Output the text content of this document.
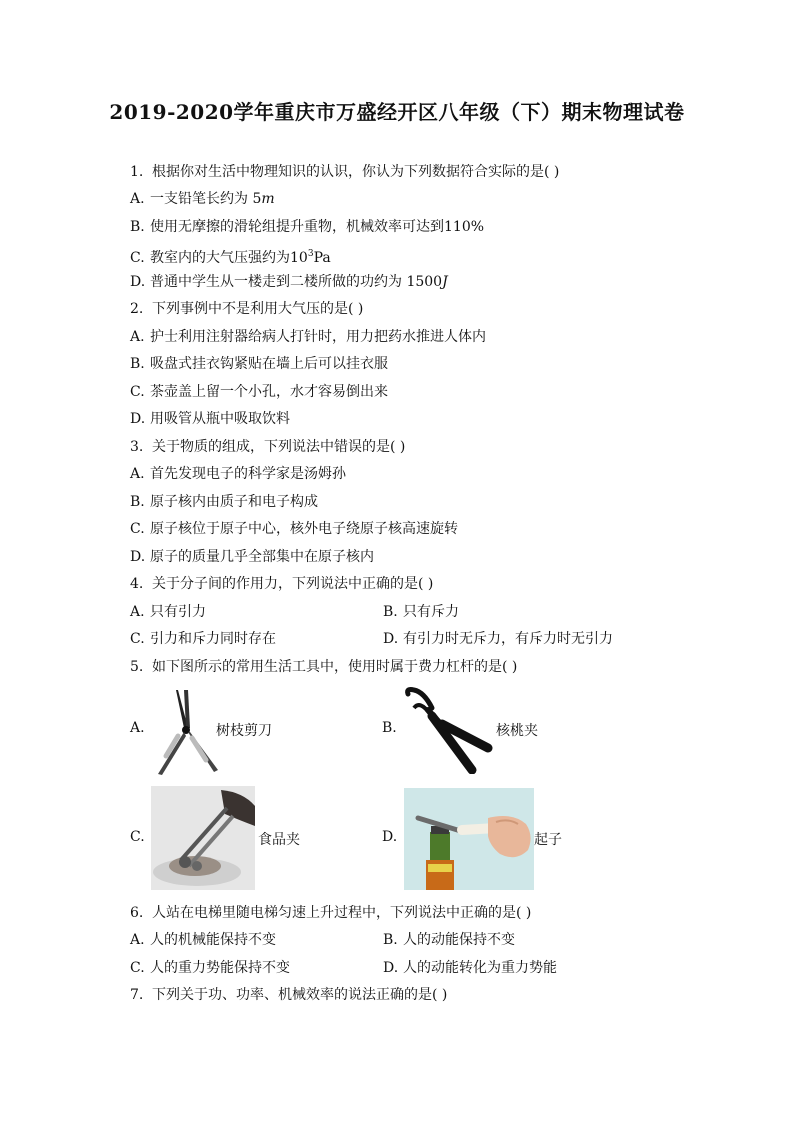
2019-2020学年重庆市万盛经开区八年级（下）期末物理试卷
1. 根据你对生活中物理知识的认识，你认为下列数据符合实际的是( )
A. 一支铅笔长约为 5m
B. 使用无摩擦的滑轮组提升重物，机械效率可达到110%
C. 教室内的大气压强约为$10^3Pa$
D. 普通中学生从一楼走到二楼所做的功约为 1500J
2. 下列事例中不是利用大气压的是( )
A. 护士利用注射器给病人打针时，用力把药水推进人体内
B. 吸盘式挂衣钩紧贴在墙上后可以挂衣服
C. 茶壶盖上留一个小孔，水才容易倒出来
D. 用吸管从瓶中吸取饮料
3. 关于物质的组成，下列说法中错误的是( )
A. 首先发现电子的科学家是汤姆孙
B. 原子核内由质子和电子构成
C. 原子核位于原子中心，核外电子绕原子核高速旋转
D. 原子的质量几乎全部集中在原子核内
4. 关于分子间的作用力，下列说法中正确的是( )
A. 只有引力	B. 只有斥力
C. 引力和斥力同时存在	D. 有引力时无斥力，有斥力时无引力
5. 如下图所示的常用生活工具中，使用时属于费力杠杆的是( )
A.	树枝剪刀	B.	核桃夹
C.	食品夹	D.	起子
6. 人站在电梯里随电梯匀速上升过程中，下列说法中正确的是( )
A. 人的机械能保持不变	B. 人的动能保持不变
C. 人的重力势能保持不变	D. 人的动能转化为重力势能
7. 下列关于功、功率、机械效率的说法正确的是( )
